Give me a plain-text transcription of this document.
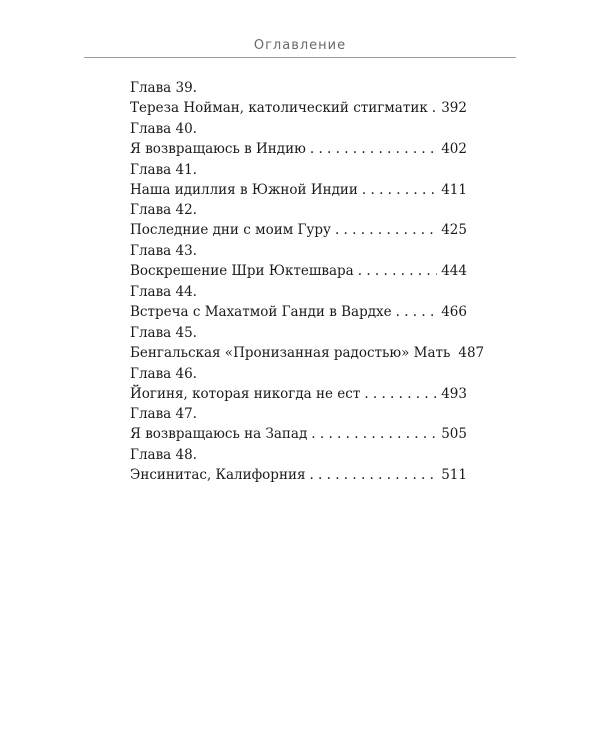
Оглавление
Глава 39.
Тереза Нойман, католический стигматик . . . 392
Глава 40.
Я возвращаюсь в Индию . . .	402
Глава 41.
Наша идиллия в Южной Индии . . .	411
Глава 42.
Последние дни с моим Гуру . . .	425
Глава 43.
Воскрешение Шри Юктешвара . . .	444
Глава 44.
Встреча с Махатмой Ганди в Вардхе . . .	466
Глава 45.
Бенгальская «Пронизанная радостью» Мать 487
Глава 46.
Йогиня, которая никогда не ест . . .	493
Глава 47.
Я возвращаюсь на Запад . . .	505
Глава 48.
Энсинитас, Калифорния . . .	511
